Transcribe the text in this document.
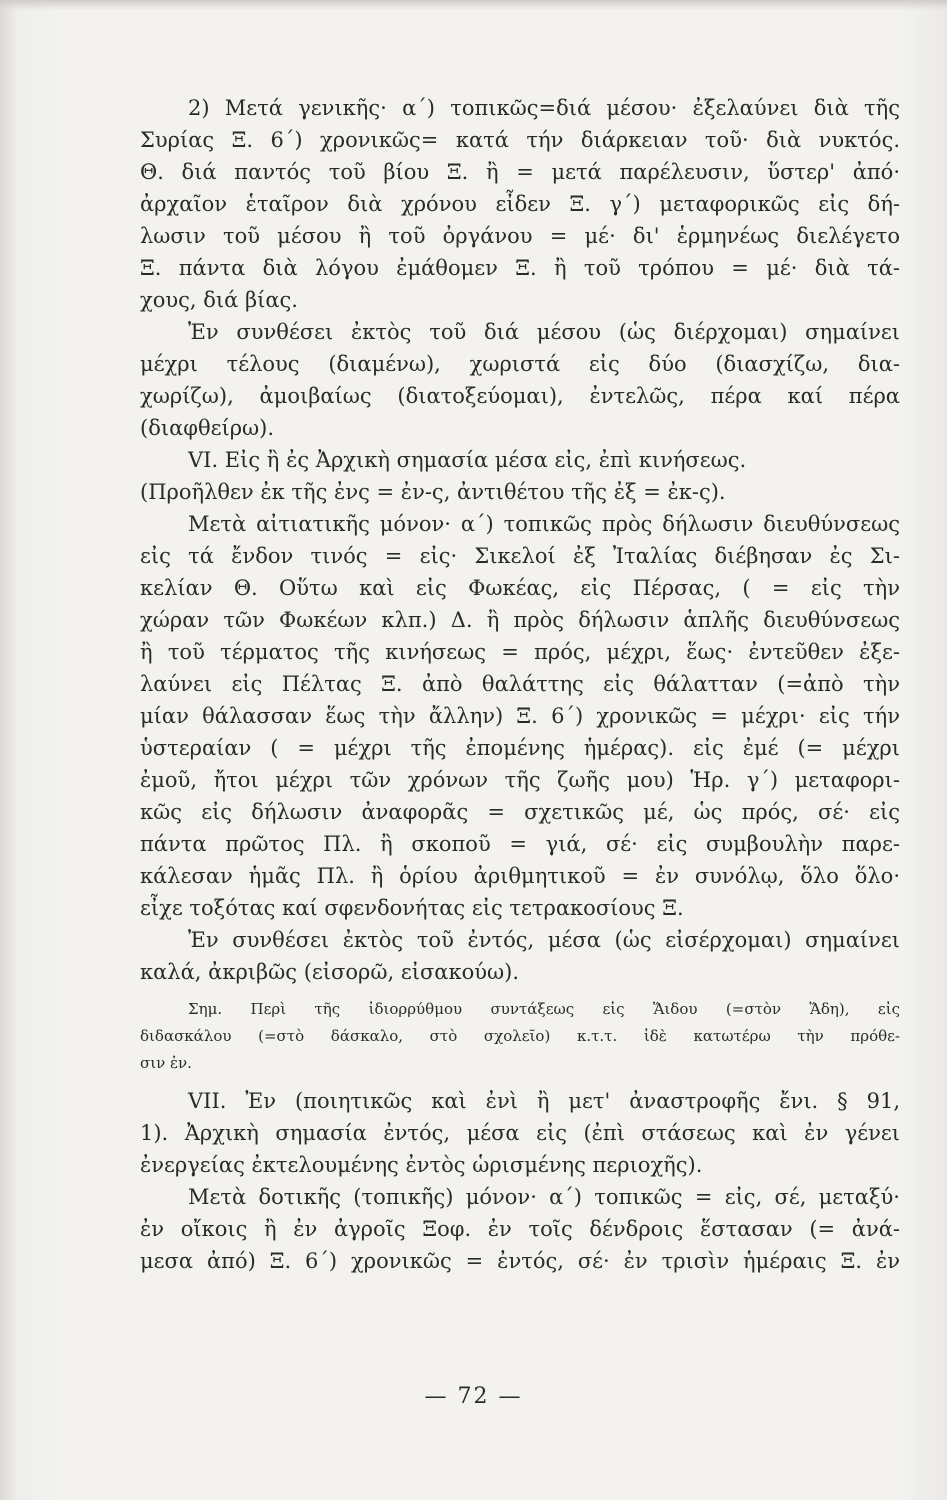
2) Μετά γενικῆς· α΄) τοπικῶς=διά μέσου· ἐξελαύνει διὰ τῆς
Συρίας Ξ. 6΄) χρονικῶς= κατά τήν διάρκειαν τοῦ· διὰ νυκτός.
Θ. διά παντός τοῦ βίου Ξ. ἢ = μετά παρέλευσιν, ὕστερ' ἀπό·
ἀρχαῖον ἑταῖρον διὰ χρόνου εἶδεν Ξ. γ΄) μεταφορικῶς εἰς δή-
λωσιν τοῦ μέσου ἢ τοῦ ὀργάνου = μέ· δι' ἑρμηνέως διελέγετο
Ξ. πάντα διὰ λόγου ἐμάθομεν Ξ. ἢ τοῦ τρόπου = μέ· διὰ τά-
χους, διά βίας.
Ἐν συνθέσει ἐκτὸς τοῦ διά μέσου (ὡς διέρχομαι) σημαίνει
μέχρι τέλους (διαμένω), χωριστά εἰς δύο (διασχίζω, δια-
χωρίζω), ἀμοιβαίως (διατοξεύομαι), ἐντελῶς, πέρα καί πέρα
(διαφθείρω).
VI. Εἰς ἢ ἐς Ἀρχικὴ σημασία μέσα εἰς, ἐπὶ κινήσεως.
(Προῆλθεν ἐκ τῆς ἐνς = ἐν-ς, ἀντιθέτου τῆς ἐξ = ἐκ-ς).
Μετὰ αἰτιατικῆς μόνον· α΄) τοπικῶς πρὸς δήλωσιν διευθύνσεως
εἰς τά ἔνδον τινός = εἰς· Σικελοί ἐξ Ἰταλίας διέβησαν ἐς Σι-
κελίαν Θ. Οὕτω καὶ εἰς Φωκέας, εἰς Πέρσας, ( = εἰς τὴν
χώραν τῶν Φωκέων κλπ.) Δ. ἢ πρὸς δήλωσιν ἁπλῆς διευθύνσεως
ἢ τοῦ τέρματος τῆς κινήσεως = πρός, μέχρι, ἕως· ἐντεῦθεν ἐξε-
λαύνει εἰς Πέλτας Ξ. ἀπὸ θαλάττης εἰς θάλατταν (=ἀπὸ τὴν
μίαν θάλασσαν ἕως τὴν ἄλλην) Ξ. 6΄) χρονικῶς = μέχρι· εἰς τήν
ὑστεραίαν ( = μέχρι τῆς ἐπομένης ἡμέρας). εἰς ἐμέ (= μέχρι
ἐμοῦ, ἤτοι μέχρι τῶν χρόνων τῆς ζωῆς μου) Ἡρ. γ΄) μεταφορι-
κῶς εἰς δήλωσιν ἀναφορᾶς = σχετικῶς μέ, ὡς πρός, σέ· εἰς
πάντα πρῶτος Πλ. ἢ σκοποῦ = γιά, σέ· εἰς συμβουλὴν παρε-
κάλεσαν ἡμᾶς Πλ. ἢ ὁρίου ἀριθμητικοῦ = ἐν συνόλῳ, ὅλο ὅλο·
εἶχε τοξότας καί σφενδονήτας εἰς τετρακοσίους Ξ.
Ἐν συνθέσει ἐκτὸς τοῦ ἐντός, μέσα (ὡς εἰσέρχομαι) σημαίνει
καλά, ἀκριβῶς (εἰσορῶ, εἰσακούω).
Σημ. Περὶ τῆς ἰδιορρύθμου συντάξεως εἰς Ἅιδου (=στὸν Ἅδη), εἰς
διδασκάλου (=στὸ δάσκαλο, στὸ σχολεῖο) κ.τ.τ. ἰδὲ κατωτέρω τὴν πρόθε-
σιν ἐν.
VII. Ἐν (ποιητικῶς καὶ ἐνὶ ἢ μετ' ἀναστροφῆς ἔνι. § 91,
1). Ἀρχικὴ σημασία ἐντός, μέσα εἰς (ἐπὶ στάσεως καὶ ἐν γένει
ἐνεργείας ἐκτελουμένης ἐντὸς ὡρισμένης περιοχῆς).
Μετὰ δοτικῆς (τοπικῆς) μόνον· α΄) τοπικῶς = εἰς, σέ, μεταξύ·
ἐν οἴκοις ἢ ἐν ἀγροῖς Ξοφ. ἐν τοῖς δένδροις ἕστασαν (= ἀνά-
μεσα ἀπό) Ξ. 6΄) χρονικῶς = ἐντός, σέ· ἐν τρισὶν ἡμέραις Ξ. ἐν
— 72 —
